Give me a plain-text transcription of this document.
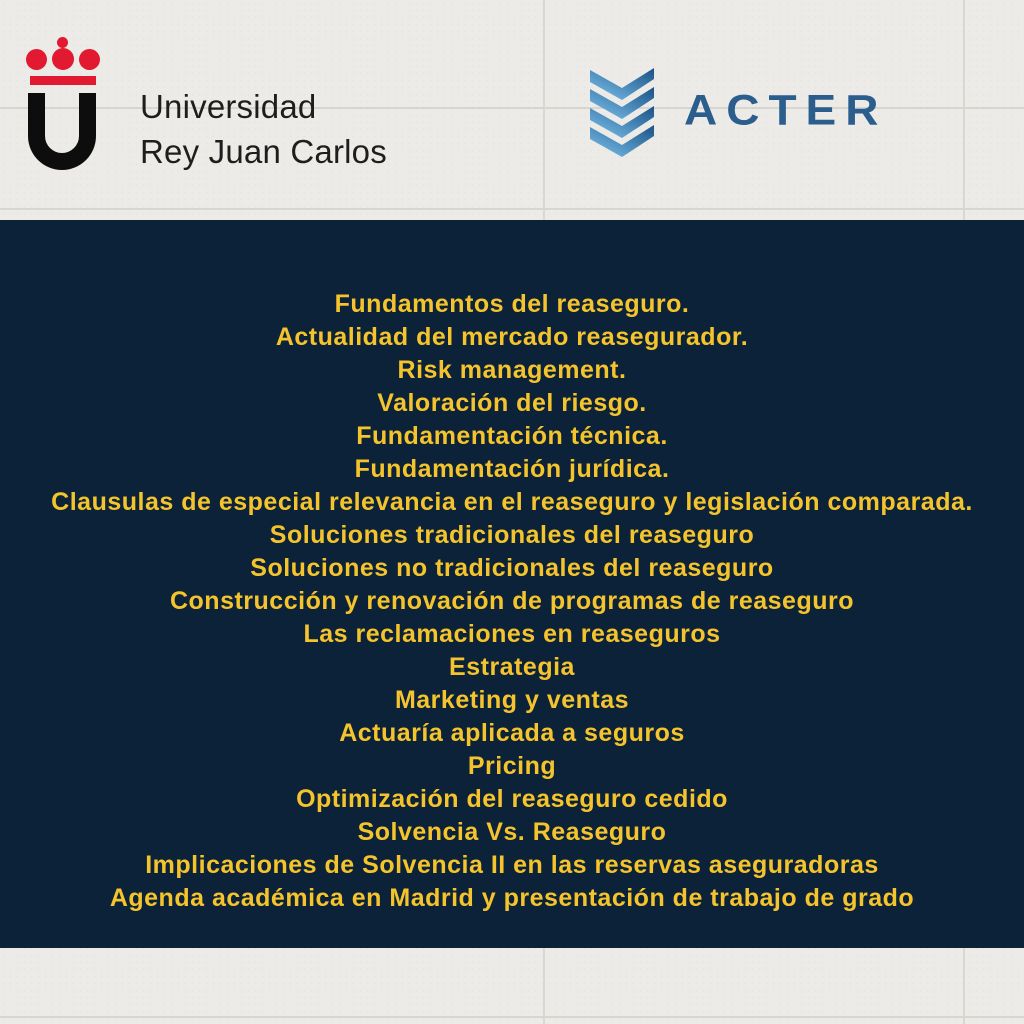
Universidad
Rey Juan Carlos
ACTER
Fundamentos del reaseguro.
Actualidad del mercado reasegurador.
Risk management.
Valoración del riesgo.
Fundamentación técnica.
Fundamentación jurídica.
Clausulas de especial relevancia en el reaseguro y legislación comparada.
Soluciones tradicionales del reaseguro
Soluciones no tradicionales del reaseguro
Construcción y renovación de programas de reaseguro
Las reclamaciones en reaseguros
Estrategia
Marketing y ventas
Actuaría aplicada a seguros
Pricing
Optimización del reaseguro cedido
Solvencia Vs. Reaseguro
Implicaciones de Solvencia II en las reservas aseguradoras
Agenda académica en Madrid y presentación de trabajo de grado
